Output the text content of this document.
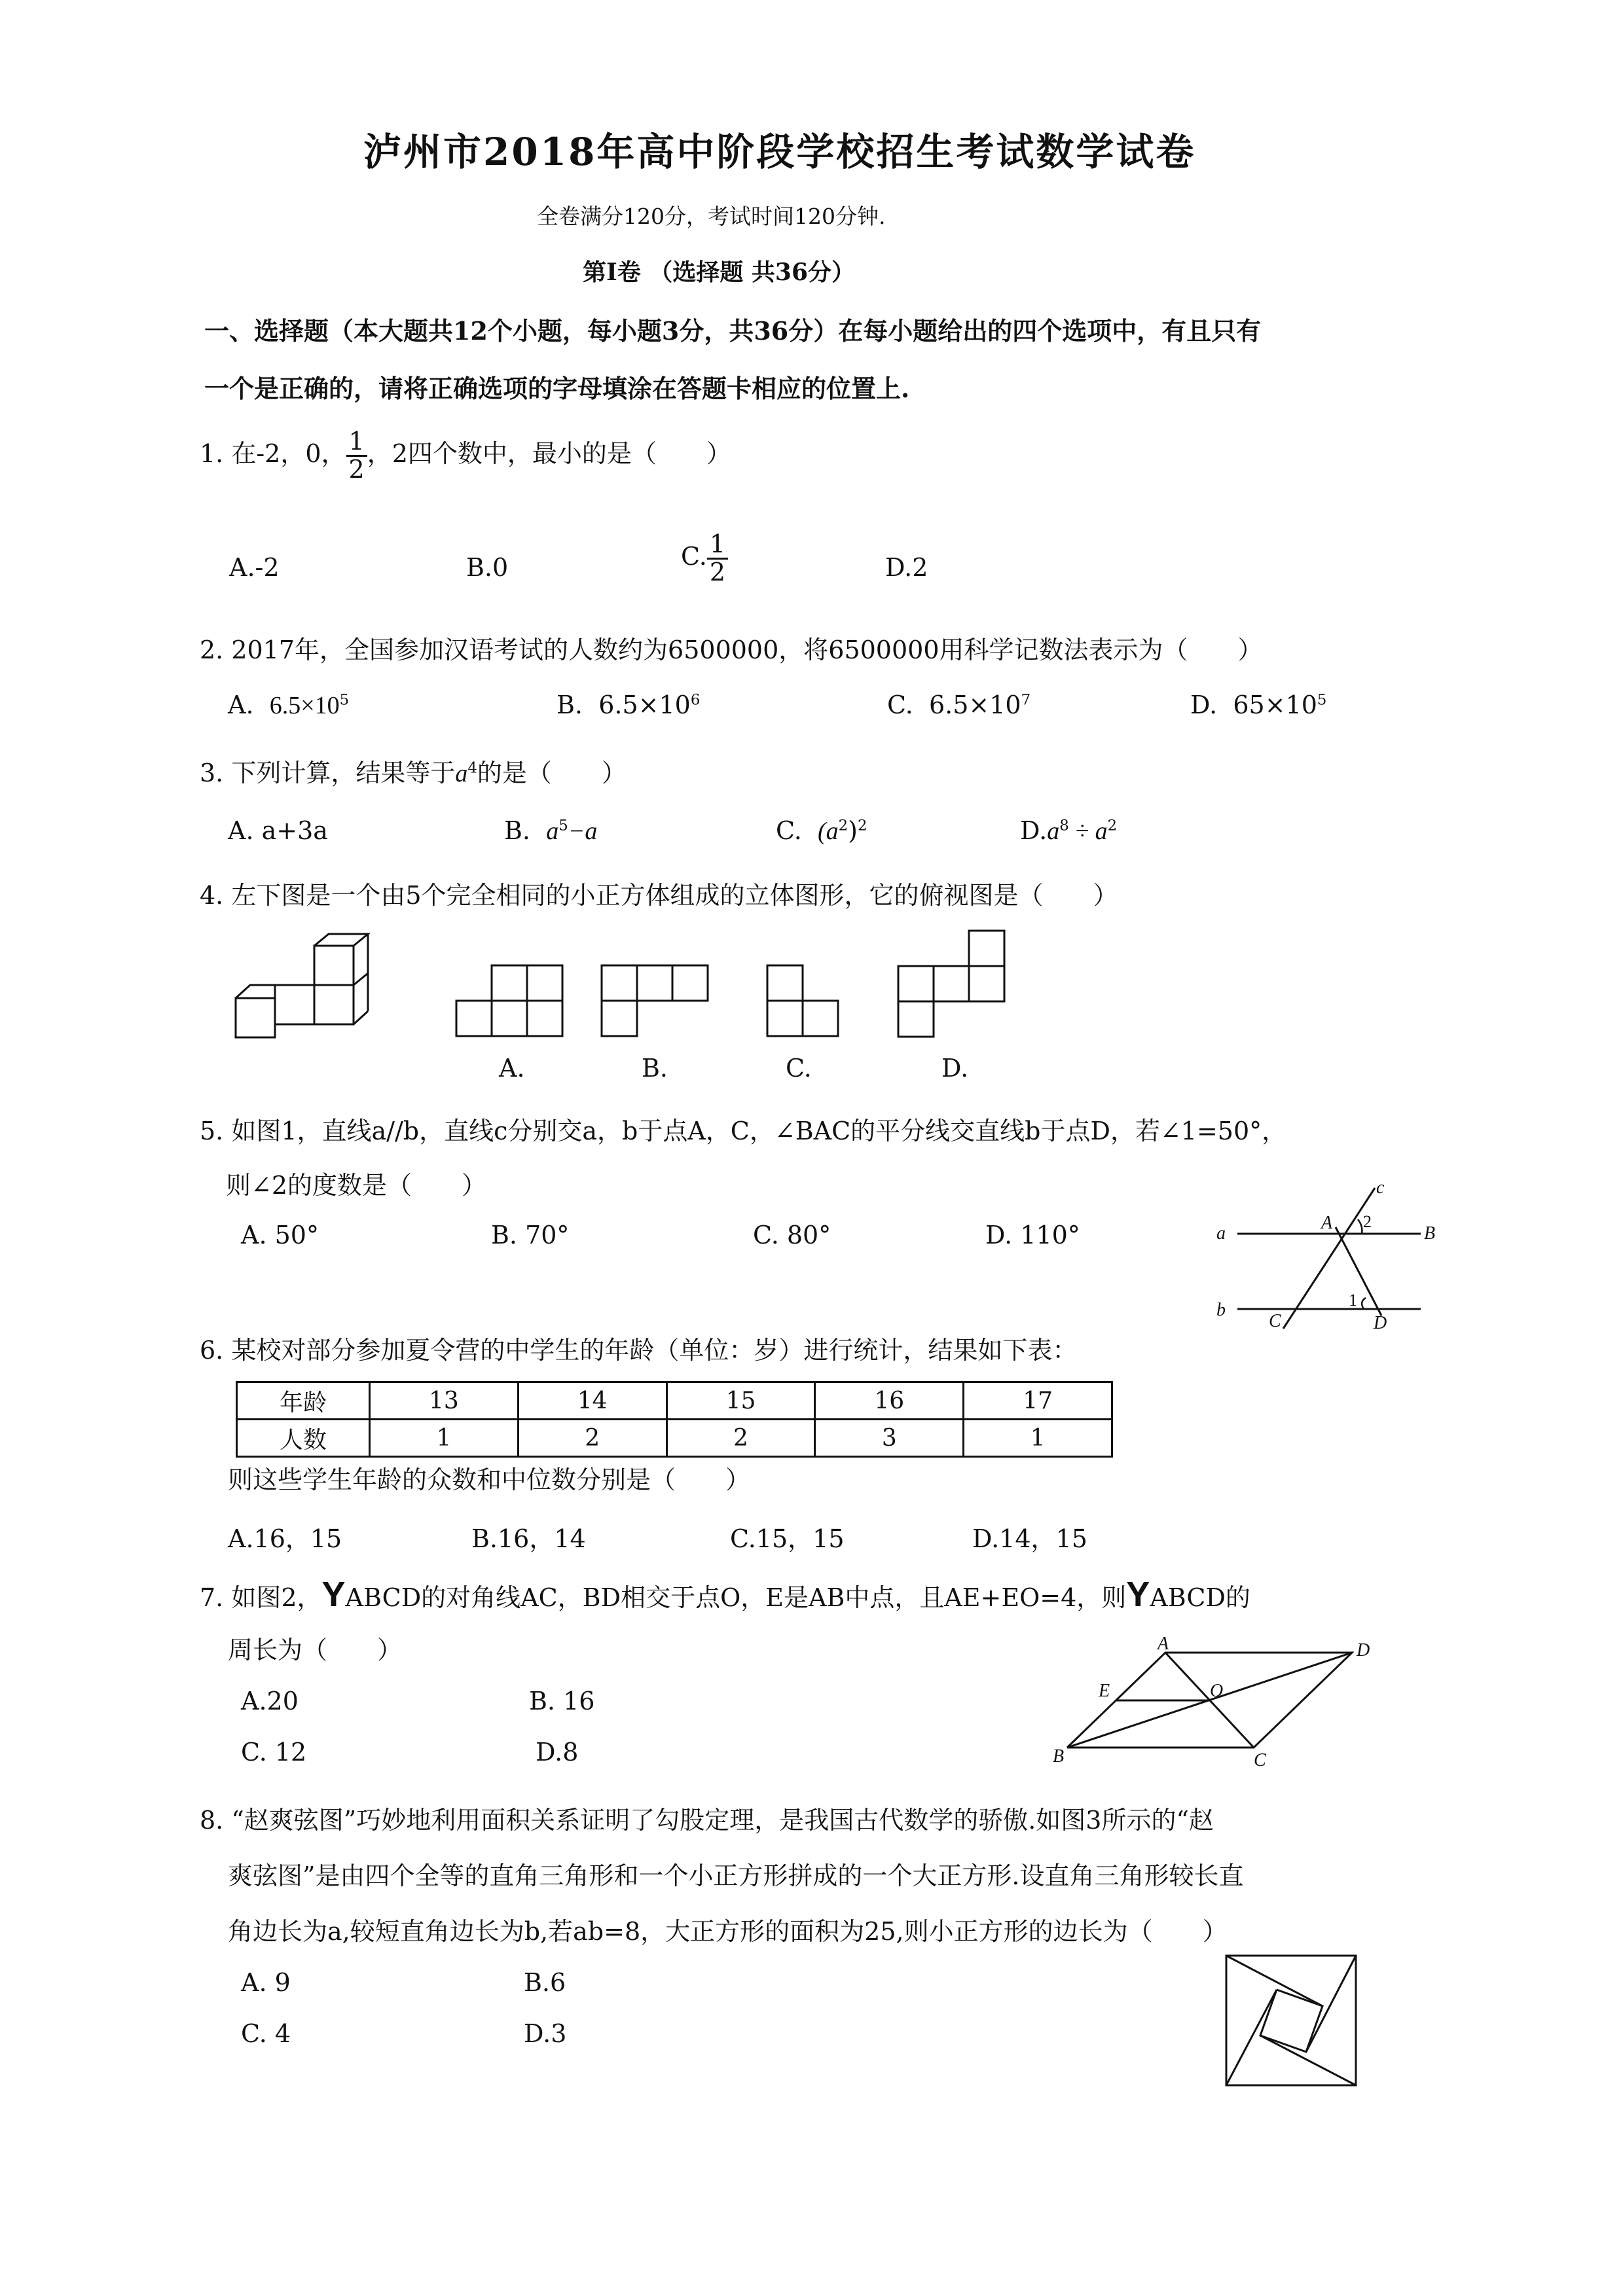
泸州市2018年高中阶段学校招生考试数学试卷
全卷满分120分，考试时间120分钟.
第Ⅰ卷 （选择题 共36分）
一、选择题（本大题共12个小题，每小题3分，共36分）在每小题给出的四个选项中，有且只有
一个是正确的，请将正确选项的字母填涂在答题卡相应的位置上.
1. 在-2，0， $\frac{1}{2}$ ，2四个数中，最小的是（　　）
A.-2	B.0	C. $\frac{1}{2}$	D.2
2. 2017年，全国参加汉语考试的人数约为6500000，将6500000用科学记数法表示为（　　）
A. $6.5\times 10^5$	B. $6.5\times 10^6$	C. $6.5\times 10^7$	D. $65\times 10^5$
3. 下列计算，结果等于$a^4$的是（　　）
A. a+3a	B. $a^5-a$	C. $(a^2)^2$	$D.a^8 \div a^2$
4. 左下图是一个由5个完全相同的小正方体组成的立体图形，它的俯视图是（　　）
A.	B.	C.	D.
5. 如图1，直线a//b，直线c分别交a，b于点A，C，∠BAC的平分线交直线b于点D，若∠1=50°，
则∠2的度数是（　　）
A. 50°	B. 70°	C. 80°	D. 110°	a
b
c
A
B
C	D
2
1
6. 某校对部分参加夏令营的中学生的年龄（单位：岁）进行统计，结果如下表：
年龄	13	14	15	16	17
人数	1	2	2	3	1
则这些学生年龄的众数和中位数分别是（　　）
A.16，15	B.16，14	C.15，15	D.14，15
7. 如图2，YABCD的对角线AC，BD相交于点O，E是AB中点，且AE+EO=4，则YABCD的
周长为（　　）
A.20	B. 16
C. 12	D.8
A
B	C
D
E	O
8. “赵爽弦图”巧妙地利用面积关系证明了勾股定理，是我国古代数学的骄傲.如图3所示的“赵
爽弦图”是由四个全等的直角三角形和一个小正方形拼成的一个大正方形.设直角三角形较长直
角边长为a,较短直角边长为b,若ab=8，大正方形的面积为25,则小正方形的边长为（　　）
A. 9	B.6
C. 4	D.3
